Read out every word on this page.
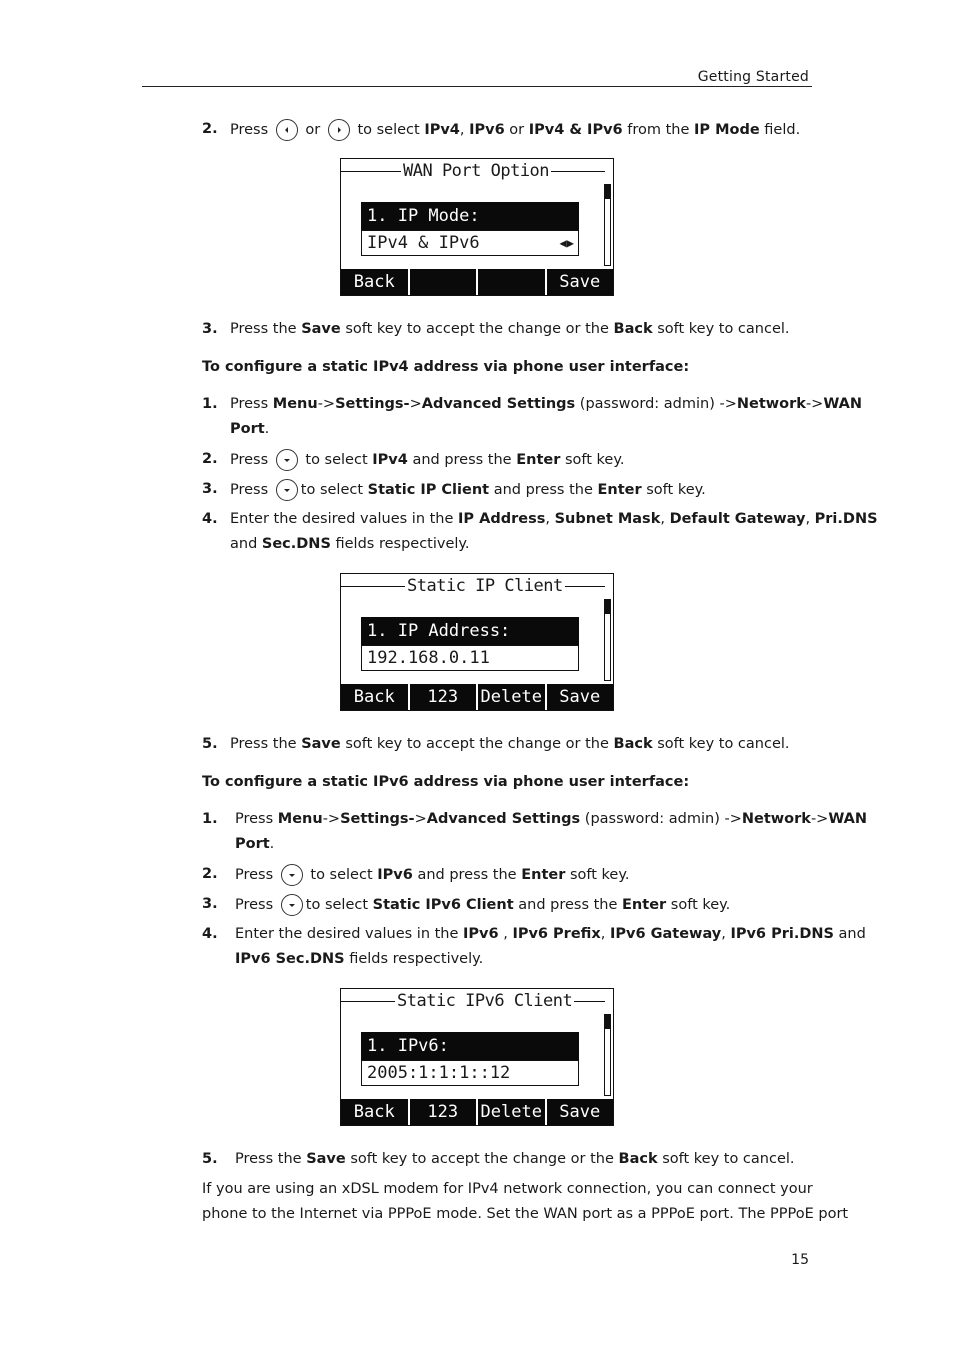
Getting Started
2. Press	or	to select IPv4, IPv6 or IPv4 & IPv6 from the IP Mode field.
WAN Port Option
1. IP Mode:
IPv4 & IPv6	◀▶
Back	Save
3. Press the Save soft key to accept the change or the Back soft key to cancel.
To configure a static IPv4 address via phone user interface:
1. Press Menu->Settings->Advanced Settings (password: admin) ->Network->WAN
Port.
2. Press	to select IPv4 and press the Enter soft key.
3. Press to select Static IP Client and press the Enter soft key.
4. Enter the desired values in the IP Address, Subnet Mask, Default Gateway, Pri.DNS
and Sec.DNS fields respectively.
Static IP Client
1. IP Address:
192.168.0.11
Back	123	Delete	Save
5. Press the Save soft key to accept the change or the Back soft key to cancel.
To configure a static IPv6 address via phone user interface:
1. Press Menu->Settings->Advanced Settings (password: admin) ->Network->WAN
Port.
2. Press	to select IPv6 and press the Enter soft key.
3. Press to select Static IPv6 Client and press the Enter soft key.
4. Enter the desired values in the IPv6 , IPv6 Prefix, IPv6 Gateway, IPv6 Pri.DNS and
IPv6 Sec.DNS fields respectively.
Static IPv6 Client
1. IPv6:
2005:1:1:1::12
Back	123	Delete	Save
5. Press the Save soft key to accept the change or the Back soft key to cancel.
If you are using an xDSL modem for IPv4 network connection, you can connect your
phone to the Internet via PPPoE mode. Set the WAN port as a PPPoE port. The PPPoE port
15
